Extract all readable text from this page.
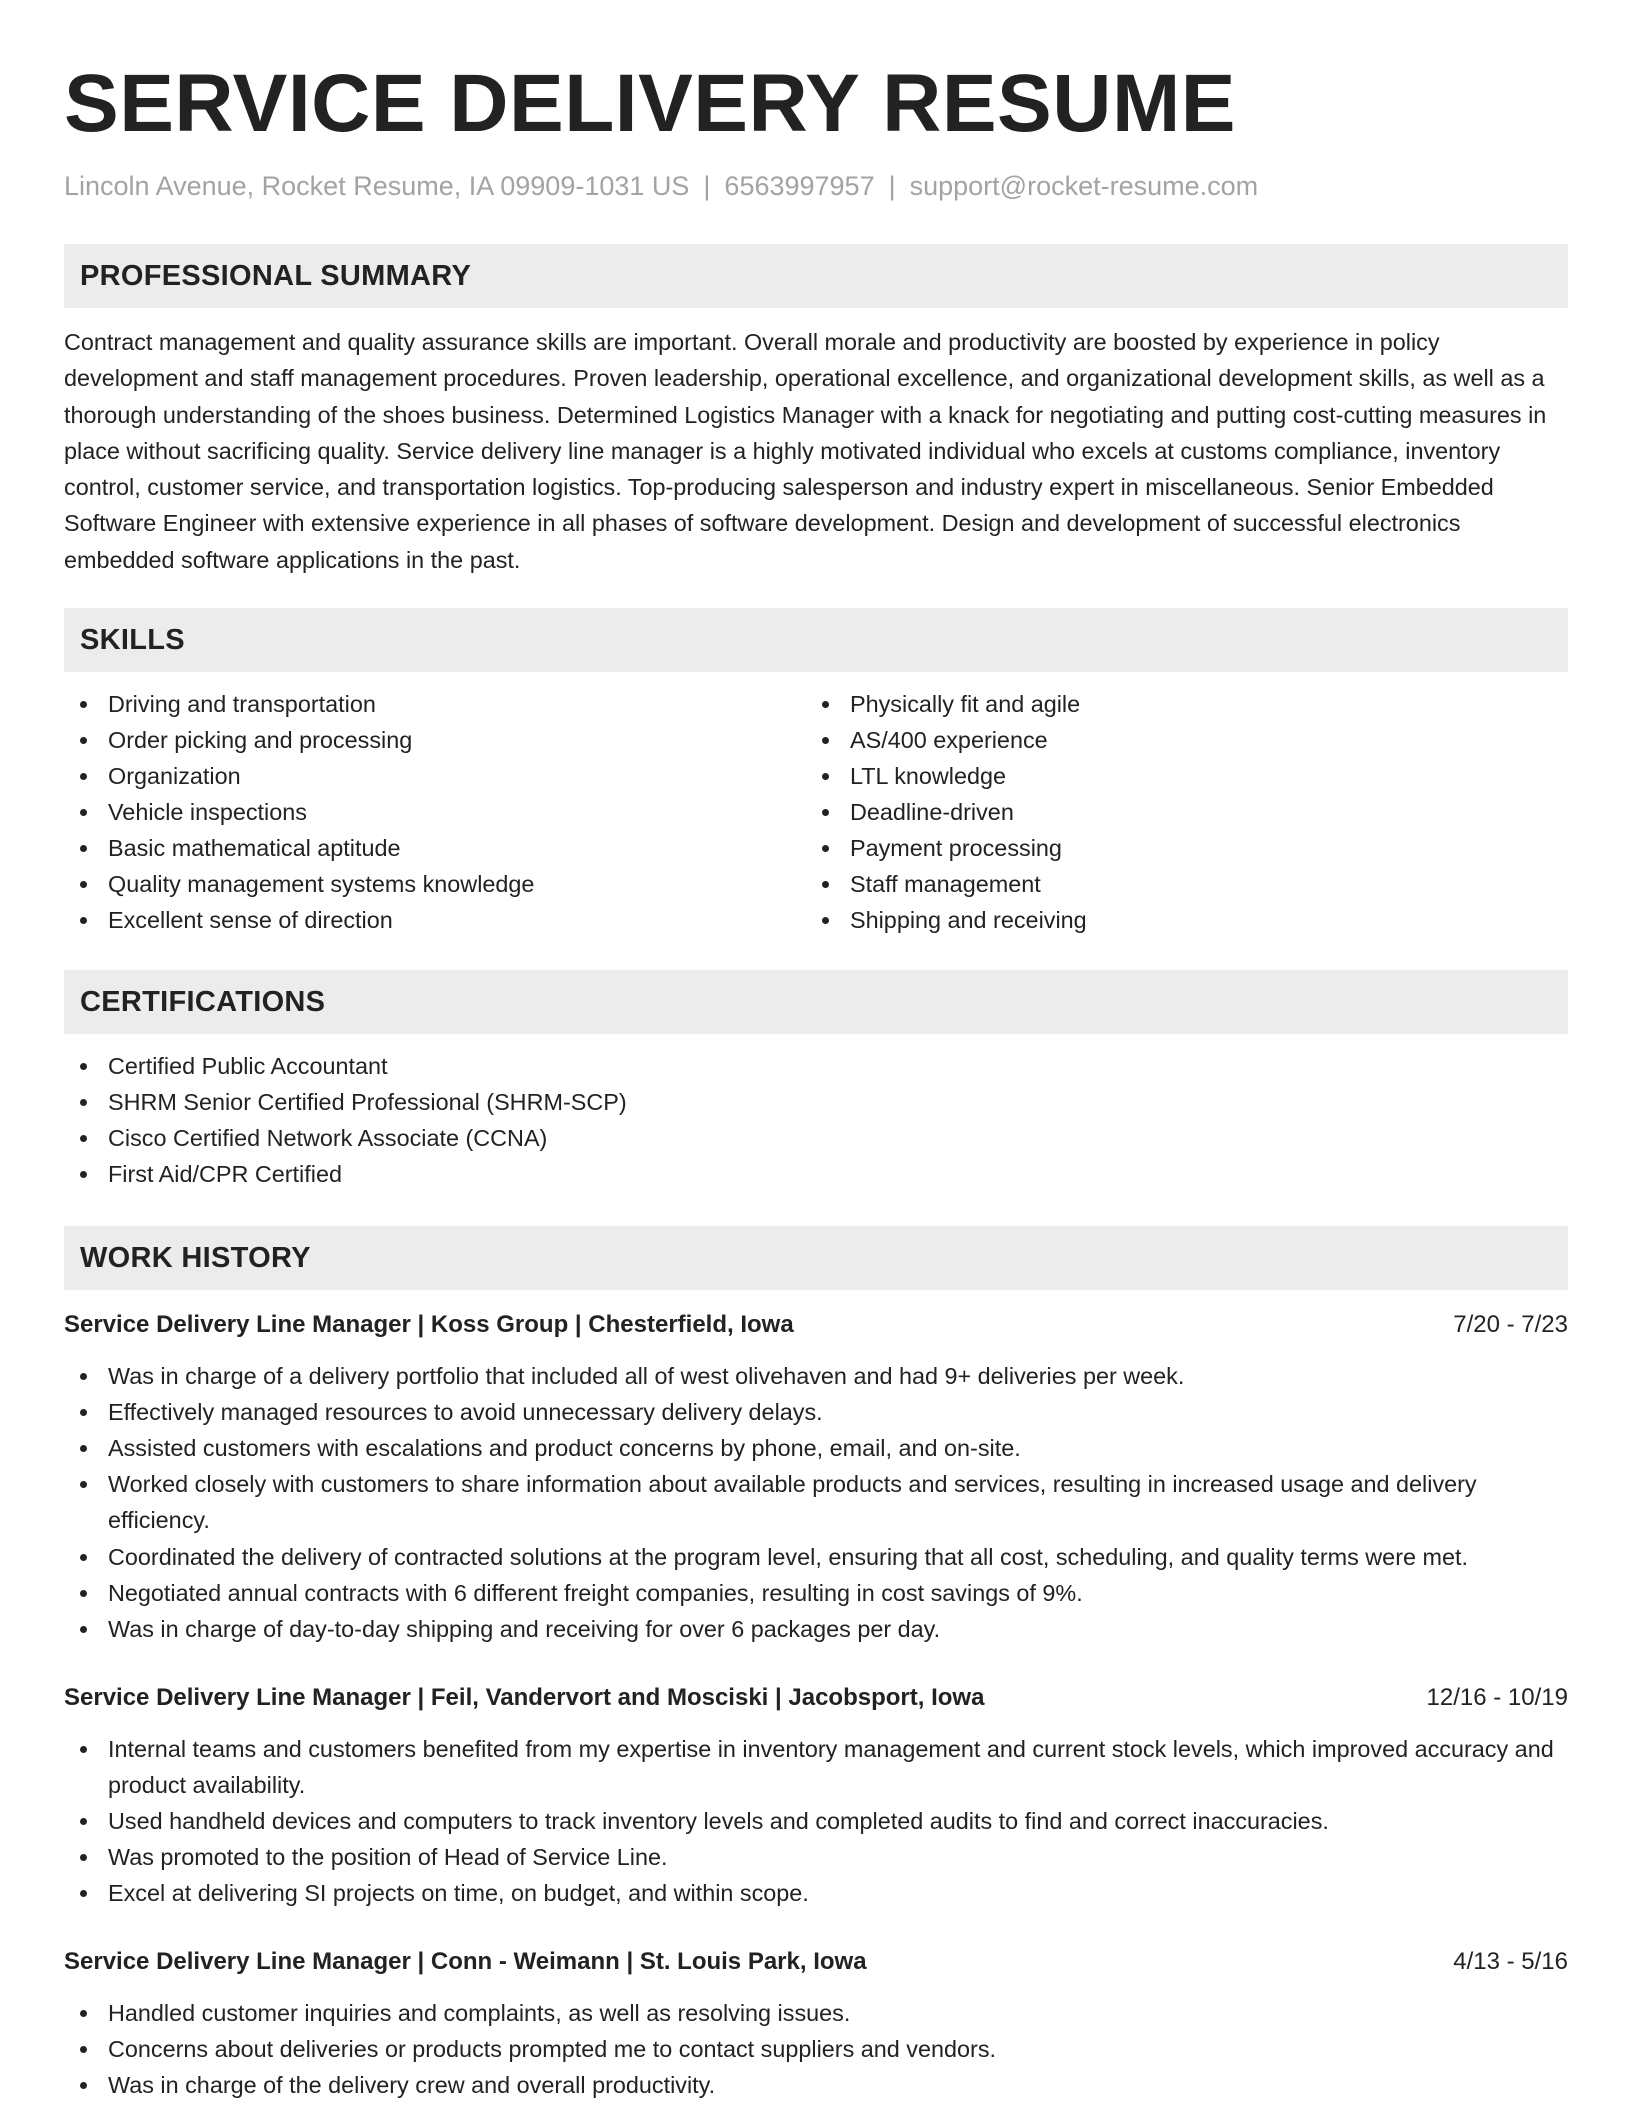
SERVICE DELIVERY RESUME
Lincoln Avenue, Rocket Resume, IA 09909-1031 US | 6563997957 | support@rocket-resume.com
PROFESSIONAL SUMMARY

Contract management and quality assurance skills are important. Overall morale and productivity are boosted by experience in policy development and staff management procedures. Proven leadership, operational excellence, and organizational development skills, as well as a thorough understanding of the shoes business. Determined Logistics Manager with a knack for negotiating and putting cost-cutting measures in place without sacrificing quality. Service delivery line manager is a highly motivated individual who excels at customs compliance, inventory control, customer service, and transportation logistics. Top-producing salesperson and industry expert in miscellaneous. Senior Embedded Software Engineer with extensive experience in all phases of software development. Design and development of successful electronics embedded software applications in the past.

SKILLS
Driving and transportation
Order picking and processing
Organization
Vehicle inspections
Basic mathematical aptitude
Quality management systems knowledge
Excellent sense of direction
Physically fit and agile
AS/400 experience
LTL knowledge
Deadline-driven
Payment processing
Staff management
Shipping and receiving
CERTIFICATIONS
Certified Public Accountant
SHRM Senior Certified Professional (SHRM-SCP)
Cisco Certified Network Associate (CCNA)
First Aid/CPR Certified
WORK HISTORY
Service Delivery Line Manager | Koss Group | Chesterfield, Iowa	7/20 - 7/23
Was in charge of a delivery portfolio that included all of west olivehaven and had 9+ deliveries per week.
Effectively managed resources to avoid unnecessary delivery delays.
Assisted customers with escalations and product concerns by phone, email, and on-site.
Worked closely with customers to share information about available products and services, resulting in increased usage and delivery efficiency.
Coordinated the delivery of contracted solutions at the program level, ensuring that all cost, scheduling, and quality terms were met.
Negotiated annual contracts with 6 different freight companies, resulting in cost savings of 9%.
Was in charge of day-to-day shipping and receiving for over 6 packages per day.
Service Delivery Line Manager | Feil, Vandervort and Mosciski | Jacobsport, Iowa	12/16 - 10/19
Internal teams and customers benefited from my expertise in inventory management and current stock levels, which improved accuracy and product availability.
Used handheld devices and computers to track inventory levels and completed audits to find and correct inaccuracies.
Was promoted to the position of Head of Service Line.
Excel at delivering SI projects on time, on budget, and within scope.
Service Delivery Line Manager | Conn - Weimann | St. Louis Park, Iowa	4/13 - 5/16
Handled customer inquiries and complaints, as well as resolving issues.
Concerns about deliveries or products prompted me to contact suppliers and vendors.
Was in charge of the delivery crew and overall productivity.
